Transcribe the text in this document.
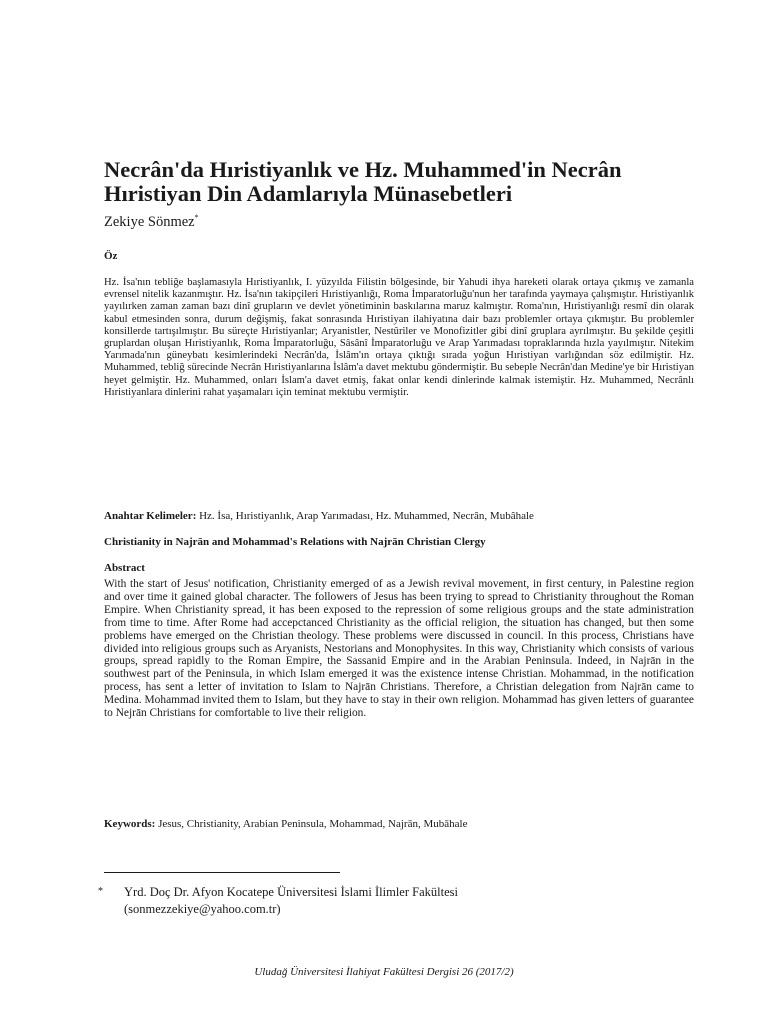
Necrân'da Hıristiyanlık ve Hz. Muhammed'in Necrân Hıristiyan Din Adamlarıyla Münasebetleri

Zekiye Sönmez*

Öz

Hz. İsa'nın tebliğe başlamasıyla Hıristiyanlık, I. yüzyılda Filistin bölgesinde, bir Yahudi ihya hareketi olarak ortaya çıkmış ve zamanla evrensel nitelik kazanmıştır. Hz. İsa'nın takipçileri Hıristiyanlığı, Roma İmparatorluğu'nun her tarafında yaymaya çalışmıştır. Hıristiyanlık yayılırken zaman zaman bazı dinî grupların ve devlet yönetiminin baskılarına maruz kalmıştır. Roma'nın, Hıristiyanlığı resmî din olarak kabul etmesinden sonra, durum değişmiş, fakat sonrasında Hıristiyan ilahiyatına dair bazı problemler ortaya çıkmıştır. Bu problemler konsillerde tartışılmıştır. Bu süreçte Hıristiyanlar; Aryanistler, Nestûriler ve Monofizitler gibi dinî gruplara ayrılmıştır. Bu şekilde çeşitli gruplardan oluşan Hıristiyanlık, Roma İmparatorluğu, Sâsânî İmparatorluğu ve Arap Yarımadası topraklarında hızla yayılmıştır. Nitekim Yarımada'nın güneybatı kesimlerindeki Necrân'da, İslâm'ın ortaya çıktığı sırada yoğun Hıristiyan varlığından söz edilmiştir. Hz. Muhammed, tebliğ sürecinde Necrân Hıristiyanlarına İslâm'a davet mektubu göndermiştir. Bu sebeple Necrân'dan Medine'ye bir Hıristiyan heyet gelmiştir. Hz. Muhammed, onları İslam'a davet etmiş, fakat onlar kendi dinlerinde kalmak istemiştir. Hz. Muhammed, Necrânlı Hıristiyanlara dinlerini rahat yaşamaları için teminat mektubu vermiştir.

Anahtar Kelimeler: Hz. İsa, Hıristiyanlık, Arap Yarımadası, Hz. Muhammed, Necrân, Mubâhale

Christianity in Najrān and Mohammad's Relations with Najrān Christian Clergy

Abstract

With the start of Jesus' notification, Christianity emerged of as a Jewish revival movement, in first century, in Palestine region and over time it gained global character. The followers of Jesus has been trying to spread to Christianity throughout the Roman Empire. When Christianity spread, it has been exposed to the repression of some religious groups and the state administration from time to time. After Rome had accepctanced Christianity as the official religion, the situation has changed, but then some problems have emerged on the Christian theology. These problems were discussed in council. In this process, Christians have divided into religious groups such as Aryanists, Nestorians and Monophysites. In this way, Christianity which consists of various groups, spread rapidly to the Roman Empire, the Sassanid Empire and in the Arabian Peninsula. Indeed, in Najrān in the southwest part of the Peninsula, in which Islam emerged it was the existence intense Christian. Mohammad, in the notification process, has sent a letter of invitation to Islam to Najrān Christians. Therefore, a Christian delegation from Najrān came to Medina. Mohammad invited them to Islam, but they have to stay in their own religion. Mohammad has given letters of guarantee to Nejrān Christians for comfortable to live their religion.

Keywords: Jesus, Christianity, Arabian Peninsula, Mohammad, Najrān, Mubāhale

* Yrd. Doç Dr. Afyon Kocatepe Üniversitesi İslami İlimler Fakültesi
(sonmezzekiye@yahoo.com.tr)

Uludağ Üniversitesi İlahiyat Fakültesi Dergisi 26 (2017/2)
